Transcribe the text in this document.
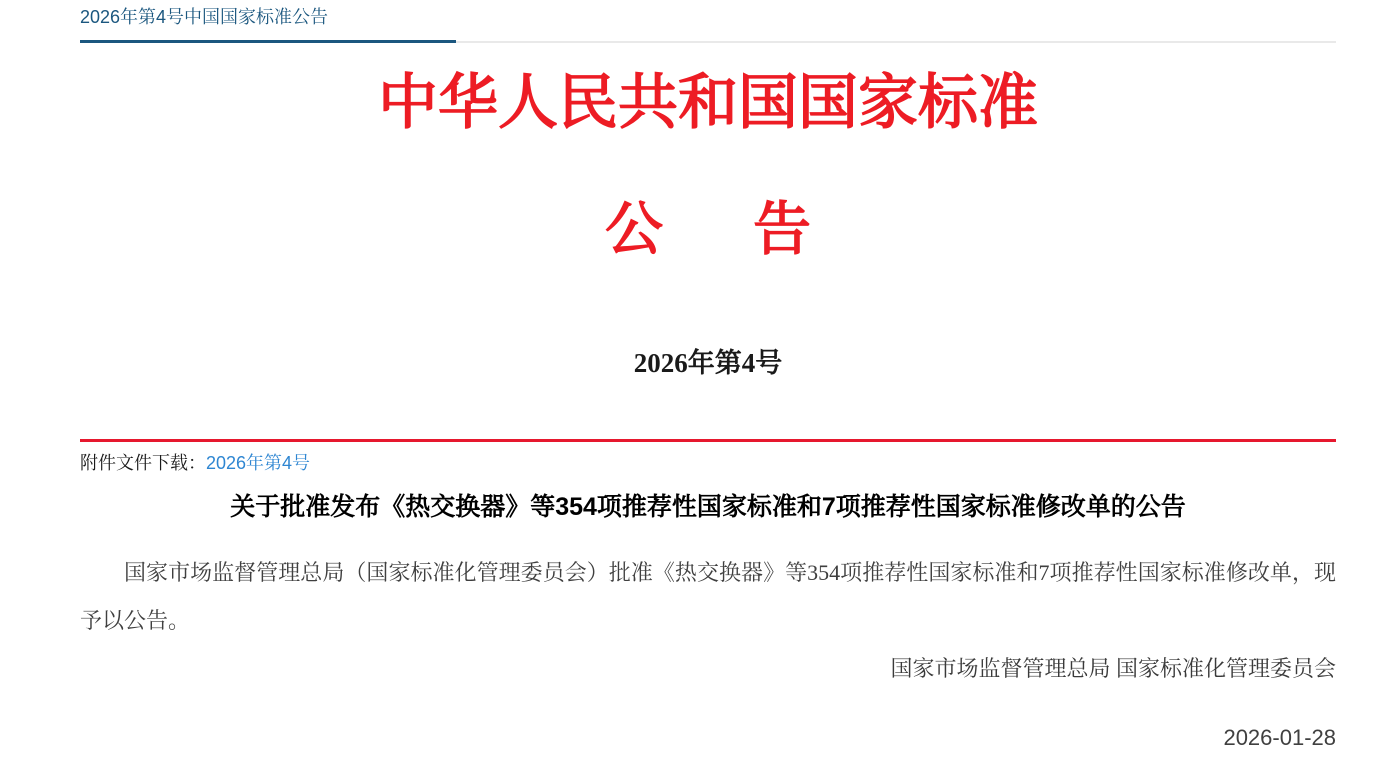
2026年第4号中国国家标准公告
中华人民共和国国家标准
公　告
2026年第4号
附件文件下载：2026年第4号
关于批准发布《热交换器》等354项推荐性国家标准和7项推荐性国家标准修改单的公告

国家市场监督管理总局（国家标准化管理委员会）批准《热交换器》等354项推荐性国家标准和7项推荐性国家标准修改单，现予以公告。

国家市场监督管理总局 国家标准化管理委员会
2026-01-28
